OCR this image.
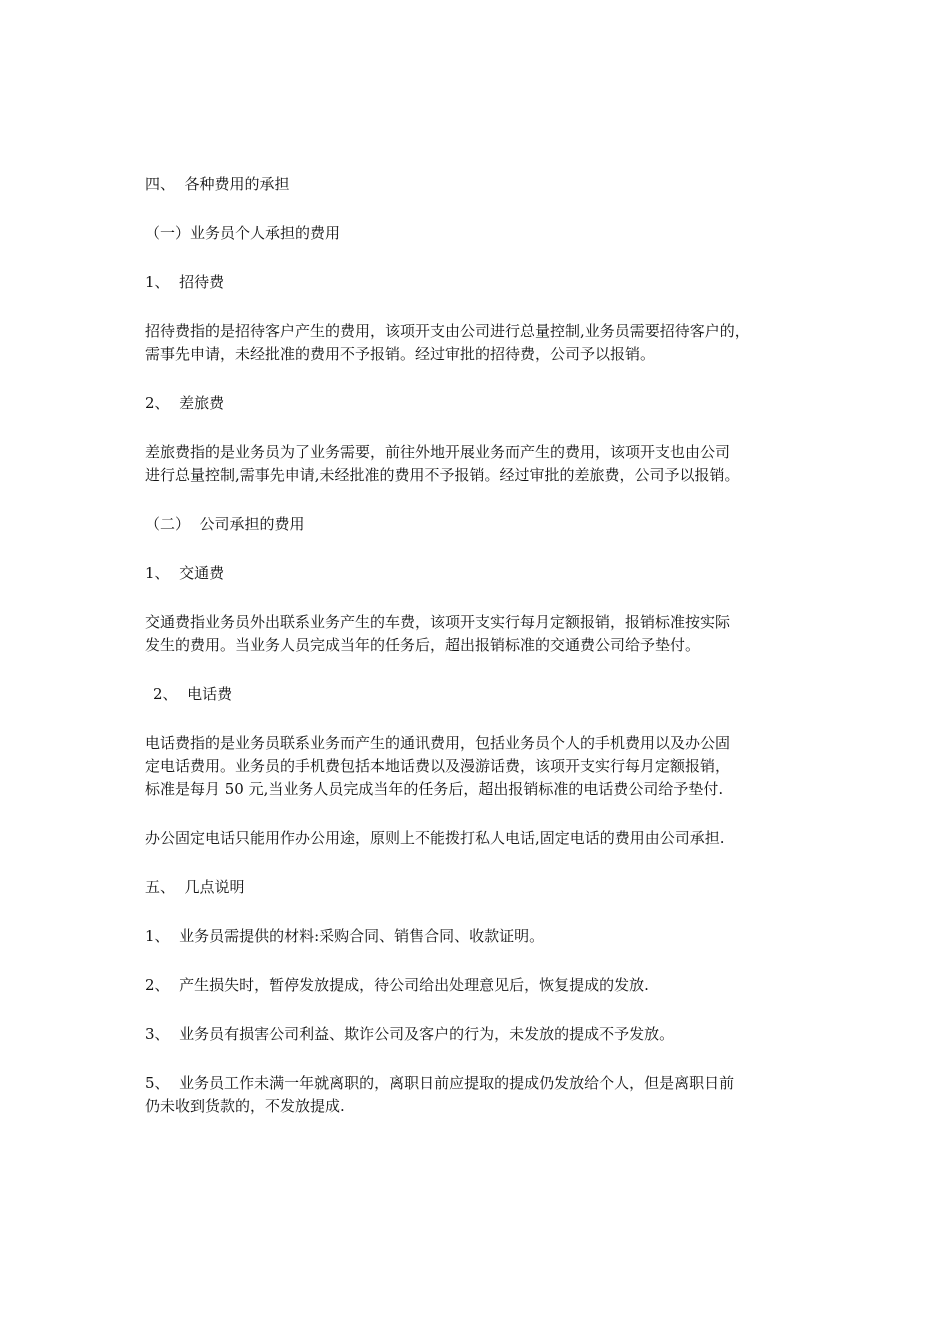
四、  各种费用的承担

（一）业务员个人承担的费用

1、  招待费

招待费指的是招待客户产生的费用，该项开支由公司进行总量控制,业务员需要招待客户的，

需事先申请，未经批准的费用不予报销。经过审批的招待费，公司予以报销。

2、  差旅费

差旅费指的是业务员为了业务需要，前往外地开展业务而产生的费用，该项开支也由公司

进行总量控制,需事先申请,未经批准的费用不予报销。经过审批的差旅费，公司予以报销。

（二）  公司承担的费用

1、  交通费

交通费指业务员外出联系业务产生的车费，该项开支实行每月定额报销，报销标准按实际

发生的费用。当业务人员完成当年的任务后，超出报销标准的交通费公司给予垫付。

2、  电话费

电话费指的是业务员联系业务而产生的通讯费用，包括业务员个人的手机费用以及办公固

定电话费用。业务员的手机费包括本地话费以及漫游话费，该项开支实行每月定额报销，

标准是每月 50 元,当业务人员完成当年的任务后，超出报销标准的电话费公司给予垫付.

办公固定电话只能用作办公用途，原则上不能拨打私人电话,固定电话的费用由公司承担.

五、  几点说明

1、  业务员需提供的材料:采购合同、销售合同、收款证明。

2、  产生损失时，暂停发放提成，待公司给出处理意见后，恢复提成的发放.

3、  业务员有损害公司利益、欺诈公司及客户的行为，未发放的提成不予发放。

5、  业务员工作未满一年就离职的，离职日前应提取的提成仍发放给个人，但是离职日前

仍未收到货款的，不发放提成.
